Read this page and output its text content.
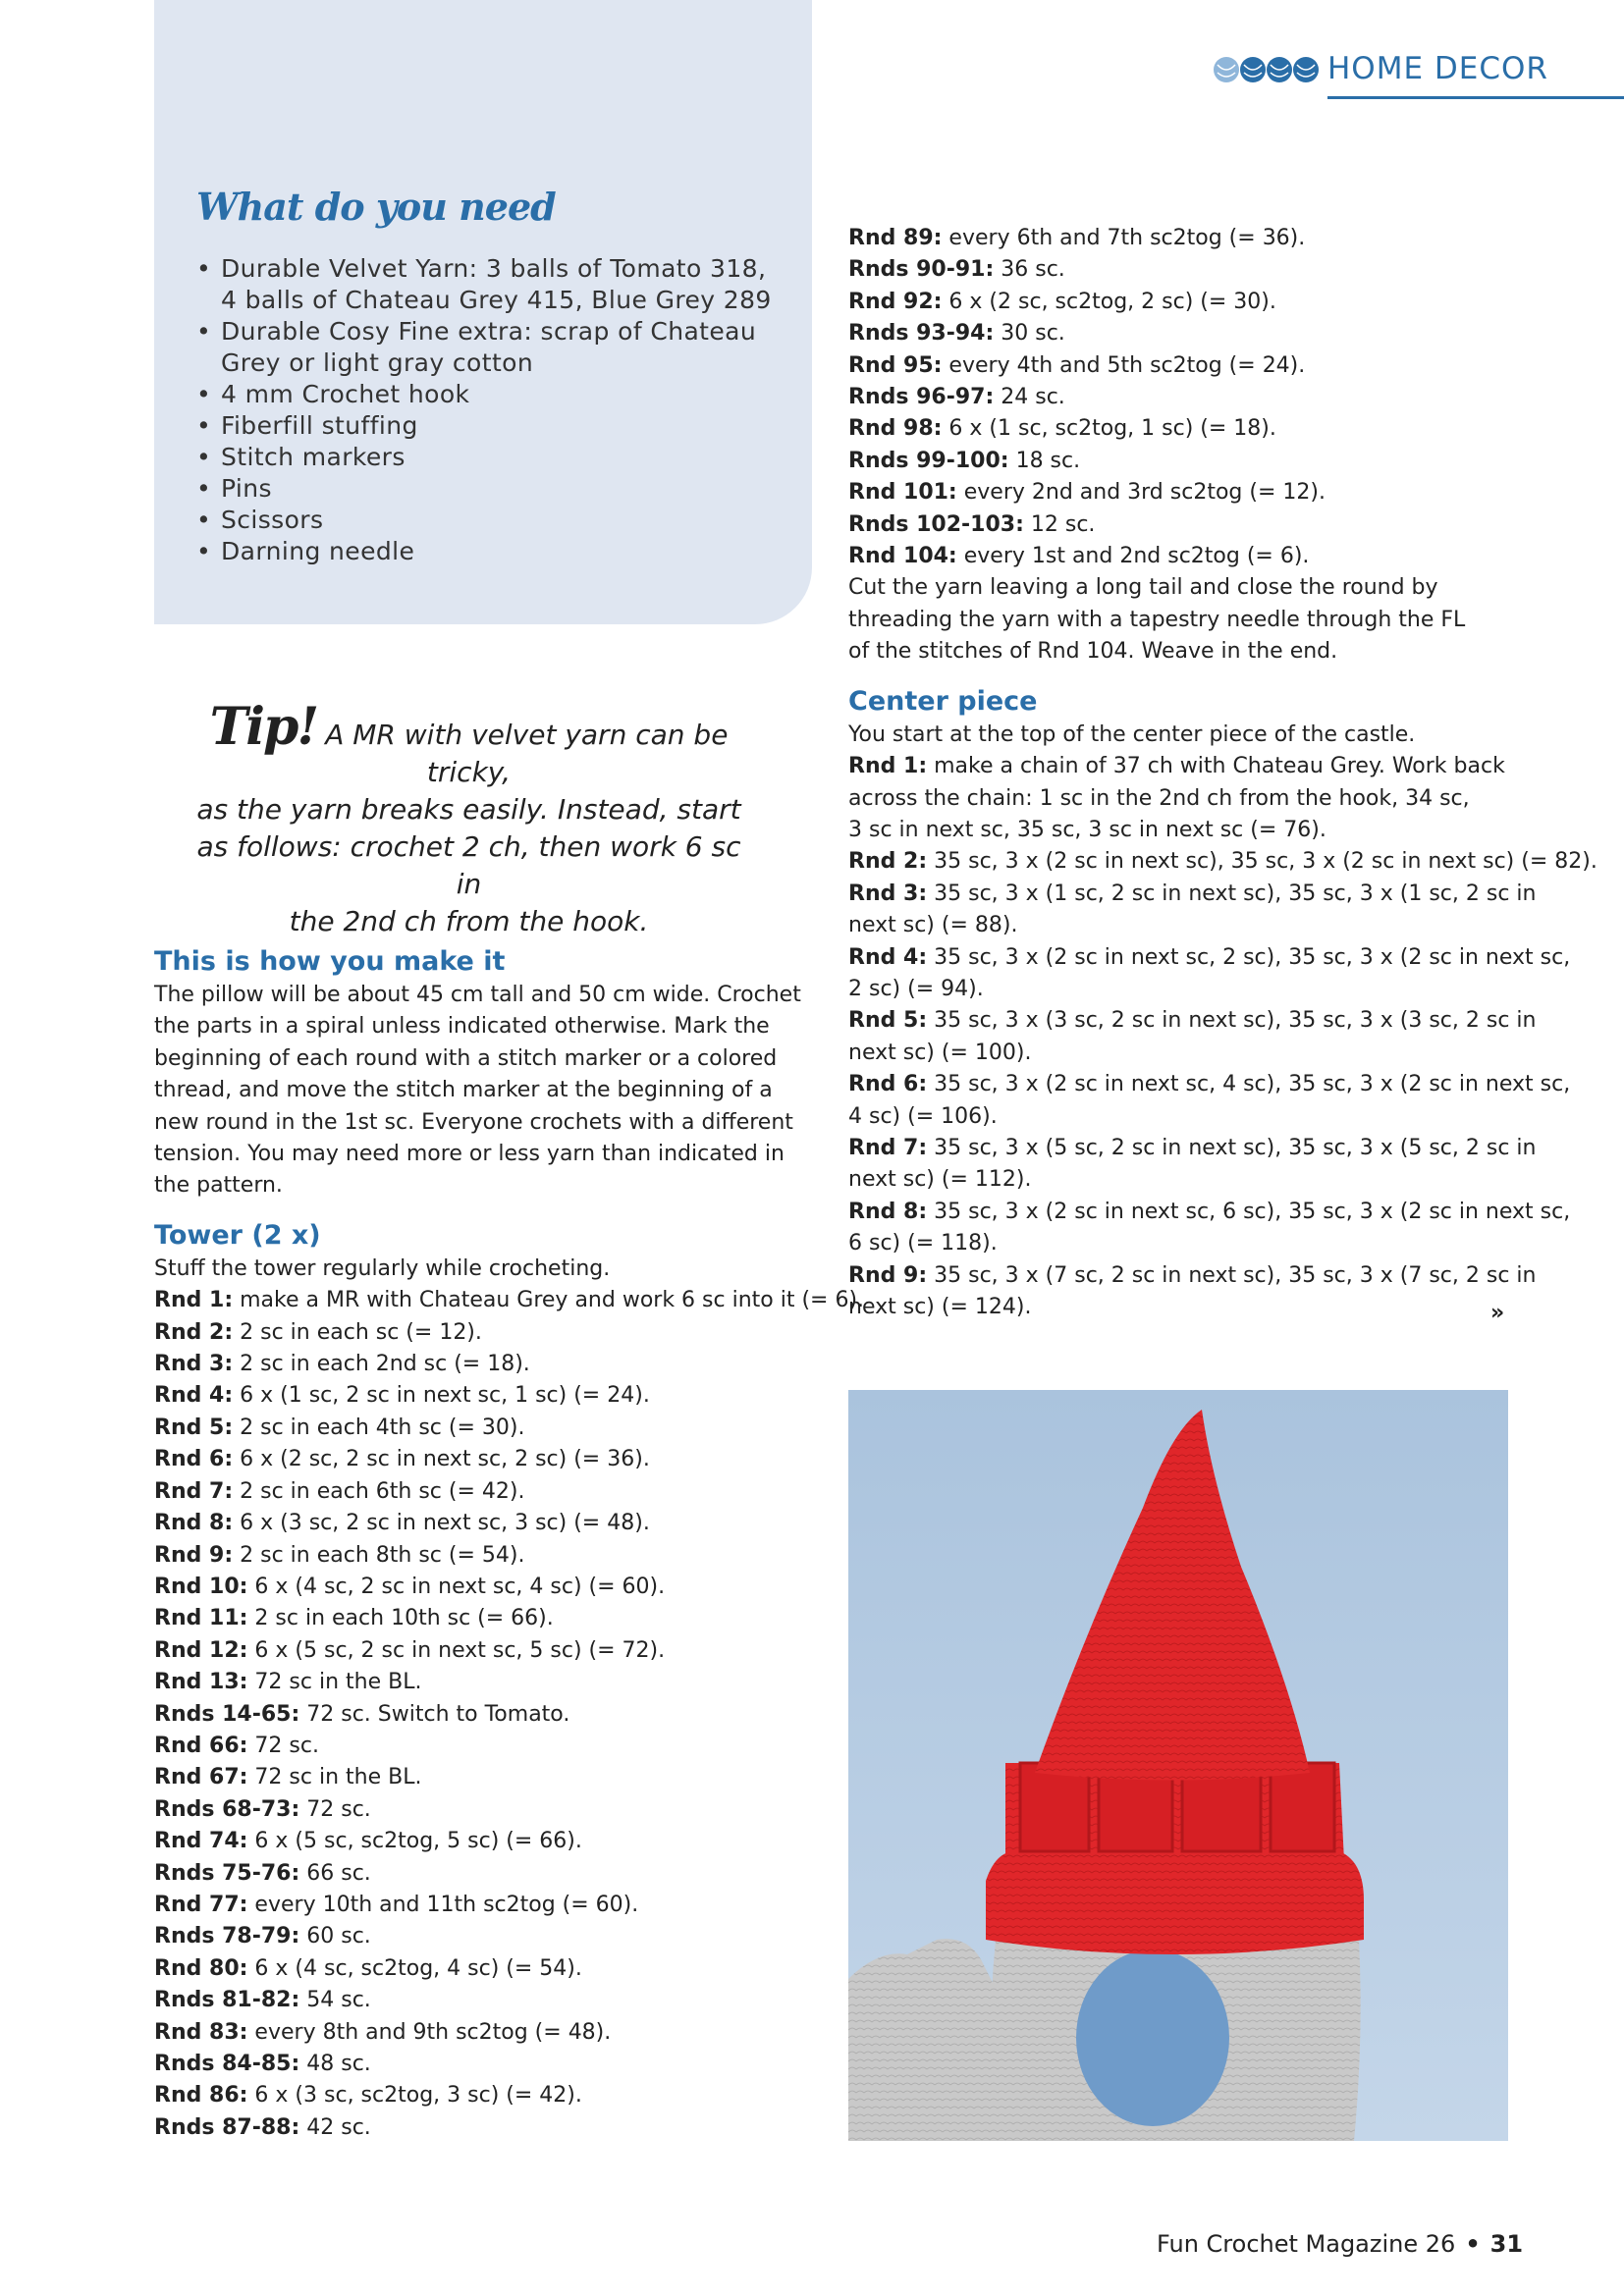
HOME DECOR
What do you need
• Durable Velvet Yarn: 3 balls of Tomato 318,
4 balls of Chateau Grey 415, Blue Grey 289
• Durable Cosy Fine extra: scrap of Chateau
Grey or light gray cotton
• 4 mm Crochet hook
• Fiberfill stuffing
• Stitch markers
• Pins
• Scissors
• Darning needle
Tip! A MR with velvet yarn can be tricky,
as the yarn breaks easily. Instead, start
as follows: crochet 2 ch, then work 6 sc in
the 2nd ch from the hook.
This is how you make it
The pillow will be about 45 cm tall and 50 cm wide. Crochet
the parts in a spiral unless indicated otherwise. Mark the
beginning of each round with a stitch marker or a colored
thread, and move the stitch marker at the beginning of a
new round in the 1st sc. Everyone crochets with a different
tension. You may need more or less yarn than indicated in
the pattern.
Tower (2 x)
Stuff the tower regularly while crocheting.
Rnd 1: make a MR with Chateau Grey and work 6 sc into it (= 6).
Rnd 2: 2 sc in each sc (= 12).
Rnd 3: 2 sc in each 2nd sc (= 18).
Rnd 4: 6 x (1 sc, 2 sc in next sc, 1 sc) (= 24).
Rnd 5: 2 sc in each 4th sc (= 30).
Rnd 6: 6 x (2 sc, 2 sc in next sc, 2 sc) (= 36).
Rnd 7: 2 sc in each 6th sc (= 42).
Rnd 8: 6 x (3 sc, 2 sc in next sc, 3 sc) (= 48).
Rnd 9: 2 sc in each 8th sc (= 54).
Rnd 10: 6 x (4 sc, 2 sc in next sc, 4 sc) (= 60).
Rnd 11: 2 sc in each 10th sc (= 66).
Rnd 12: 6 x (5 sc, 2 sc in next sc, 5 sc) (= 72).
Rnd 13: 72 sc in the BL.
Rnds 14-65: 72 sc. Switch to Tomato.
Rnd 66: 72 sc.
Rnd 67: 72 sc in the BL.
Rnds 68-73: 72 sc.
Rnd 74: 6 x (5 sc, sc2tog, 5 sc) (= 66).
Rnds 75-76: 66 sc.
Rnd 77: every 10th and 11th sc2tog (= 60).
Rnds 78-79: 60 sc.
Rnd 80: 6 x (4 sc, sc2tog, 4 sc) (= 54).
Rnds 81-82: 54 sc.
Rnd 83: every 8th and 9th sc2tog (= 48).
Rnds 84-85: 48 sc.
Rnd 86: 6 x (3 sc, sc2tog, 3 sc) (= 42).
Rnds 87-88: 42 sc.
Rnd 89: every 6th and 7th sc2tog (= 36).
Rnds 90-91: 36 sc.
Rnd 92: 6 x (2 sc, sc2tog, 2 sc) (= 30).
Rnds 93-94: 30 sc.
Rnd 95: every 4th and 5th sc2tog (= 24).
Rnds 96-97: 24 sc.
Rnd 98: 6 x (1 sc, sc2tog, 1 sc) (= 18).
Rnds 99-100: 18 sc.
Rnd 101: every 2nd and 3rd sc2tog (= 12).
Rnds 102-103: 12 sc.
Rnd 104: every 1st and 2nd sc2tog (= 6).
Cut the yarn leaving a long tail and close the round by
threading the yarn with a tapestry needle through the FL
of the stitches of Rnd 104. Weave in the end.
Center piece
You start at the top of the center piece of the castle.
Rnd 1: make a chain of 37 ch with Chateau Grey. Work back
across the chain: 1 sc in the 2nd ch from the hook, 34 sc,
3 sc in next sc, 35 sc, 3 sc in next sc (= 76).
Rnd 2: 35 sc, 3 x (2 sc in next sc), 35 sc, 3 x (2 sc in next sc) (= 82).
Rnd 3: 35 sc, 3 x (1 sc, 2 sc in next sc), 35 sc, 3 x (1 sc, 2 sc in
next sc) (= 88).
Rnd 4: 35 sc, 3 x (2 sc in next sc, 2 sc), 35 sc, 3 x (2 sc in next sc,
2 sc) (= 94).
Rnd 5: 35 sc, 3 x (3 sc, 2 sc in next sc), 35 sc, 3 x (3 sc, 2 sc in
next sc) (= 100).
Rnd 6: 35 sc, 3 x (2 sc in next sc, 4 sc), 35 sc, 3 x (2 sc in next sc,
4 sc) (= 106).
Rnd 7: 35 sc, 3 x (5 sc, 2 sc in next sc), 35 sc, 3 x (5 sc, 2 sc in
next sc) (= 112).
Rnd 8: 35 sc, 3 x (2 sc in next sc, 6 sc), 35 sc, 3 x (2 sc in next sc,
6 sc) (= 118).
Rnd 9: 35 sc, 3 x (7 sc, 2 sc in next sc), 35 sc, 3 x (7 sc, 2 sc in
next sc) (= 124).	»
Fun Crochet Magazine 26 • 31
